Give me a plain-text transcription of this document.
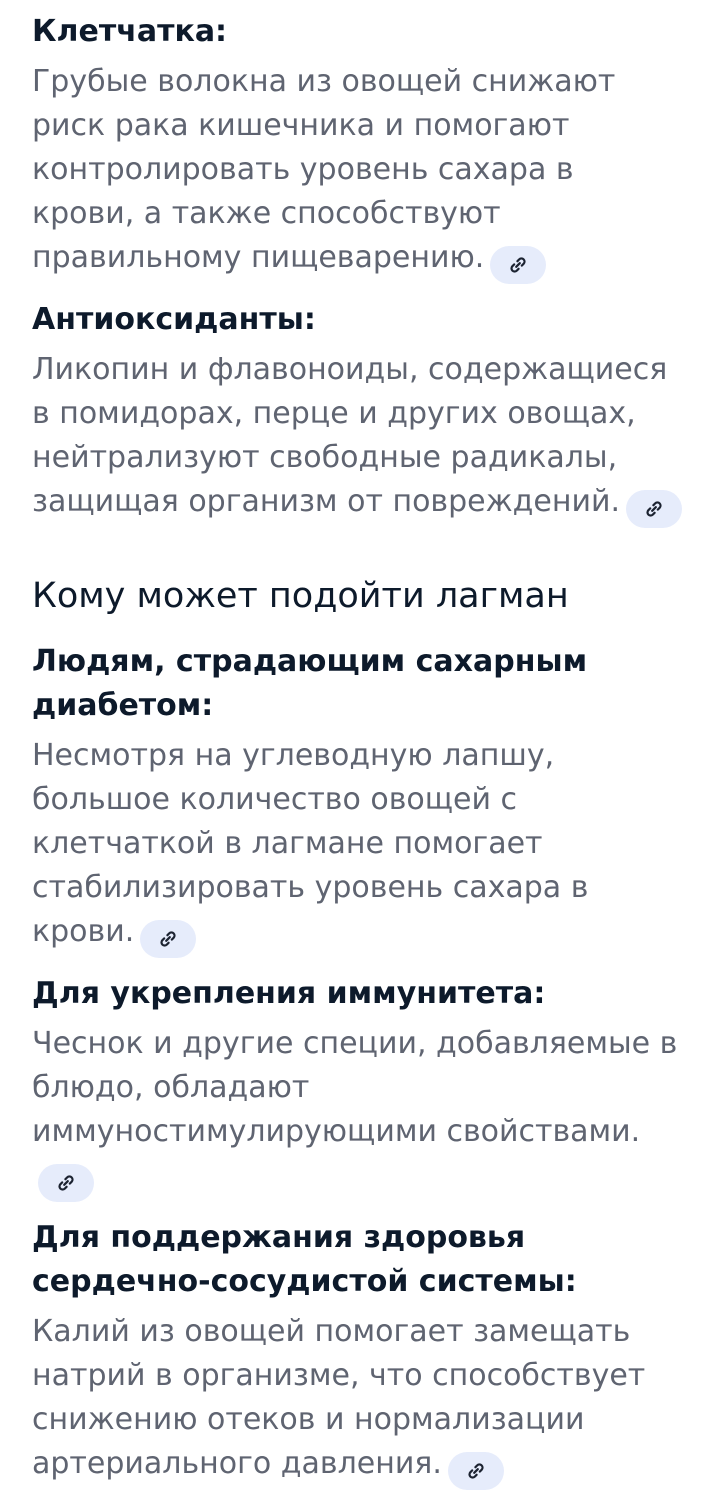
Клетчатка:

Грубые волокна из овощей снижают риск рака кишечника и помогают контролировать уровень сахара в крови, а также способствуют правильному пищеварению.

Антиоксиданты:

Ликопин и флавоноиды, содержащиеся в помидорах, перце и других овощах, нейтрализуют свободные радикалы, защищая организм от повреждений.

Кому может подойти лагман

Людям, страдающим сахарным диабетом:

Несмотря на углеводную лапшу, большое количество овощей с клетчаткой в лагмане помогает стабилизировать уровень сахара в крови.

Для укрепления иммунитета:

Чеснок и другие специи, добавляемые в блюдо, обладают иммуностимулирующими свойствами.

Для поддержания здоровья сердечно-сосудистой системы:

Калий из овощей помогает замещать натрий в организме, что способствует снижению отеков и нормализации артериального давления.
